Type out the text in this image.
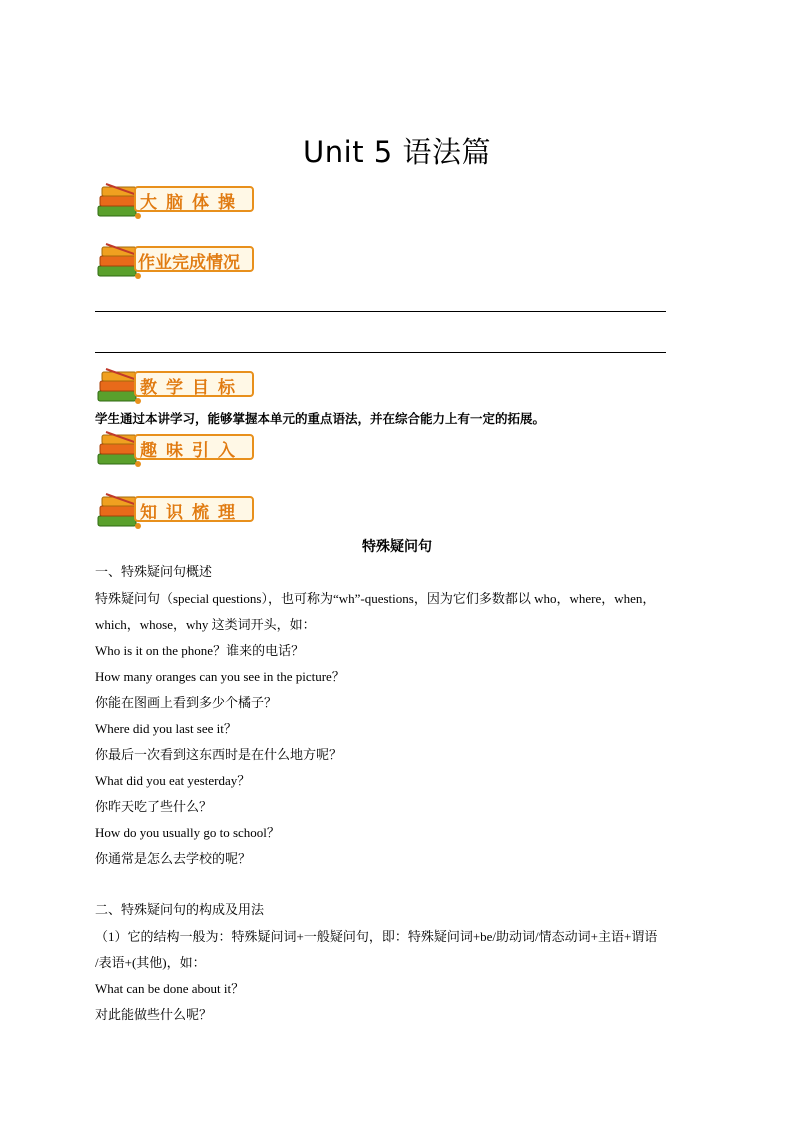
Unit 5 语法篇
大脑体操
作业完成情况
教学目标
学生通过本讲学习，能够掌握本单元的重点语法，并在综合能力上有一定的拓展。
趣味引入
知识梳理
特殊疑问句
一、特殊疑问句概述
特殊疑问句（special questions），也可称为“wh”-questions，因为它们多数都以 who，where，when，
which，whose，why 这类词开头，如：
Who is it on the phone？谁来的电话？
How many oranges can you see in the picture？
你能在图画上看到多少个橘子？
Where did you last see it？
你最后一次看到这东西时是在什么地方呢？
What did you eat yesterday？
你昨天吃了些什么？
How do you usually go to school？
你通常是怎么去学校的呢？
二、特殊疑问句的构成及用法
（1）它的结构一般为：特殊疑问词+一般疑问句，即：特殊疑问词+be/助动词/情态动词+主语+谓语
/表语+(其他)，如：
What can be done about it？
对此能做些什么呢？
